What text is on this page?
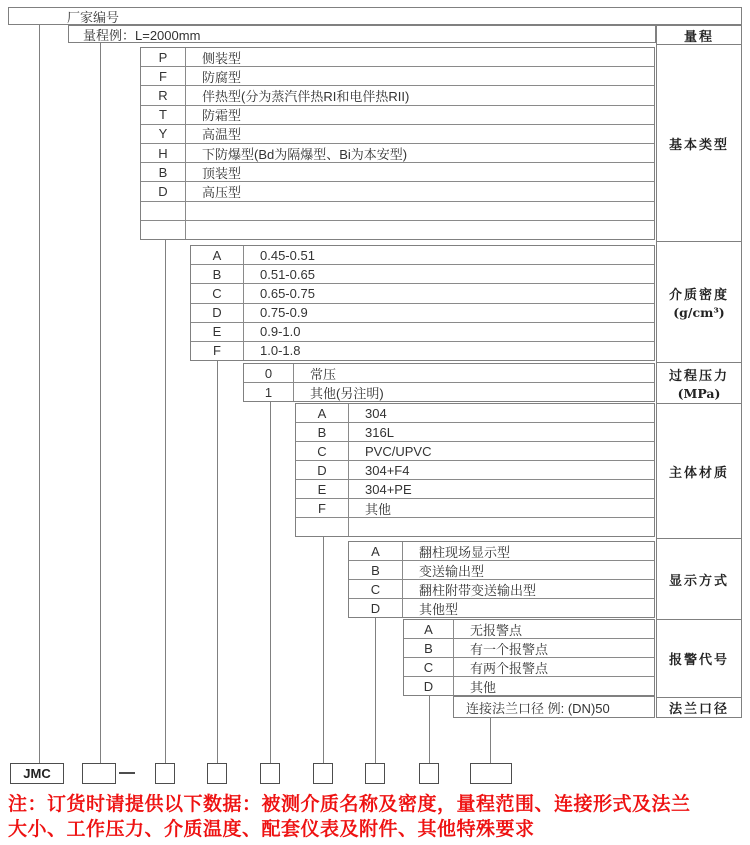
厂家编号
量程例：L=2000mm	量程
基本类型
介质密度
(g/cm³)
过程压力
(MPa)
主体材质
显示方式
报警代号
法兰口径
P	侧装型
F	防腐型
R	伴热型(分为蒸汽伴热RI和电伴热RII)
T	防霜型
Y	高温型
H	下防爆型(Bd为隔爆型、Bi为本安型)
B	顶装型
D	高压型
A	0.45-0.51
B	0.51-0.65
C	0.65-0.75
D	0.75-0.9
E	0.9-1.0
F	1.0-1.8
0	常压
1	其他(另注明)
A	304
B	316L
C	PVC/UPVC
D	304+F4
E	304+PE
F	其他
A	翻柱现场显示型
B	变送输出型
C	翻柱附带变送输出型
D	其他型
A	无报警点
B	有一个报警点
C	有两个报警点
D	其他
连接法兰口径 例: (DN)50
JMC
注：订货时请提供以下数据：被测介质名称及密度，量程范围、连接形式及法兰
大小、工作压力、介质温度、配套仪表及附件、其他特殊要求
